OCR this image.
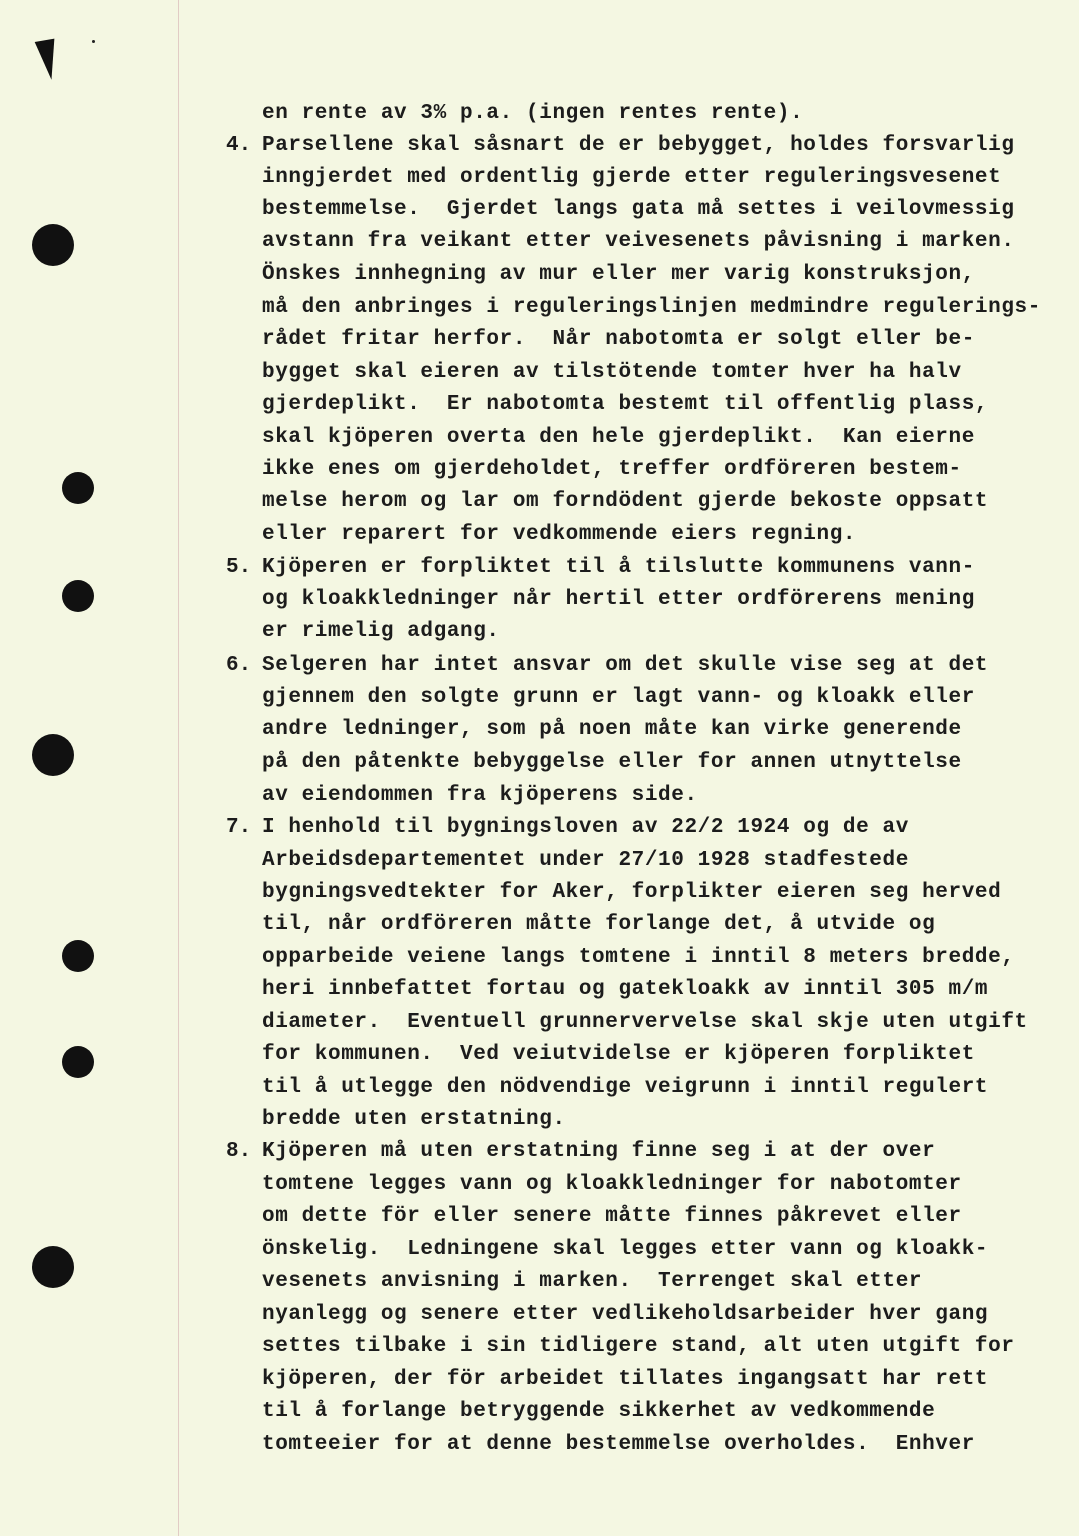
4.
5.
6.
7.
8.
en rente av 3% p.a. (ingen rentes rente).
Parsellene skal såsnart de er bebygget, holdes forsvarlig
inngjerdet med ordentlig gjerde etter reguleringsvesenet
bestemmelse.  Gjerdet langs gata må settes i veilovmessig
avstann fra veikant etter veivesenets påvisning i marken.
Önskes innhegning av mur eller mer varig konstruksjon,
må den anbringes i reguleringslinjen medmindre regulerings-
rådet fritar herfor.  Når nabotomta er solgt eller be-
bygget skal eieren av tilstötende tomter hver ha halv
gjerdeplikt.  Er nabotomta bestemt til offentlig plass,
skal kjöperen overta den hele gjerdeplikt.  Kan eierne
ikke enes om gjerdeholdet, treffer ordföreren bestem-
melse herom og lar om forndödent gjerde bekoste oppsatt
eller reparert for vedkommende eiers regning.
Kjöperen er forpliktet til å tilslutte kommunens vann-
og kloakkledninger når hertil etter ordförerens mening
er rimelig adgang.
Selgeren har intet ansvar om det skulle vise seg at det
gjennem den solgte grunn er lagt vann- og kloakk eller
andre ledninger, som på noen måte kan virke generende
på den påtenkte bebyggelse eller for annen utnyttelse
av eiendommen fra kjöperens side.
I henhold til bygningsloven av 22/2 1924 og de av
Arbeidsdepartementet under 27/10 1928 stadfestede
bygningsvedtekter for Aker, forplikter eieren seg herved
til, når ordföreren måtte forlange det, å utvide og
opparbeide veiene langs tomtene i inntil 8 meters bredde,
heri innbefattet fortau og gatekloakk av inntil 305 m/m
diameter.  Eventuell grunnervervelse skal skje uten utgift
for kommunen.  Ved veiutvidelse er kjöperen forpliktet
til å utlegge den nödvendige veigrunn i inntil regulert
bredde uten erstatning.
Kjöperen må uten erstatning finne seg i at der over
tomtene legges vann og kloakkledninger for nabotomter
om dette för eller senere måtte finnes påkrevet eller
önskelig.  Ledningene skal legges etter vann og kloakk-
vesenets anvisning i marken.  Terrenget skal etter
nyanlegg og senere etter vedlikeholdsarbeider hver gang
settes tilbake i sin tidligere stand, alt uten utgift for
kjöperen, der för arbeidet tillates ingangsatt har rett
til å forlange betryggende sikkerhet av vedkommende
tomteeier for at denne bestemmelse overholdes.  Enhver
